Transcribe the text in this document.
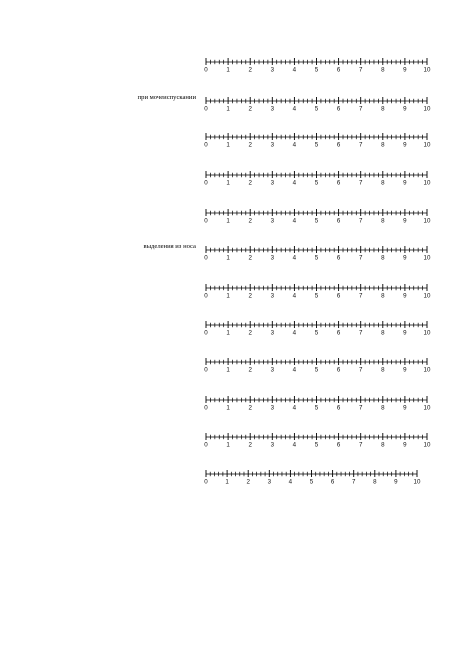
0	1	2	3	4	5	6	7	8	9	10
при мочеиспускании
0	1	2	3	4	5	6	7	8	9	10
0	1	2	3	4	5	6	7	8	9	10
0	1	2	3	4	5	6	7	8	9	10
0	1	2	3	4	5	6	7	8	9	10
выделения из носа
0	1	2	3	4	5	6	7	8	9	10
0	1	2	3	4	5	6	7	8	9	10
0	1	2	3	4	5	6	7	8	9	10
0	1	2	3	4	5	6	7	8	9	10
0	1	2	3	4	5	6	7	8	9	10
0	1	2	3	4	5	6	7	8	9	10
0	1	2	3	4	5	6	7	8	9	10
